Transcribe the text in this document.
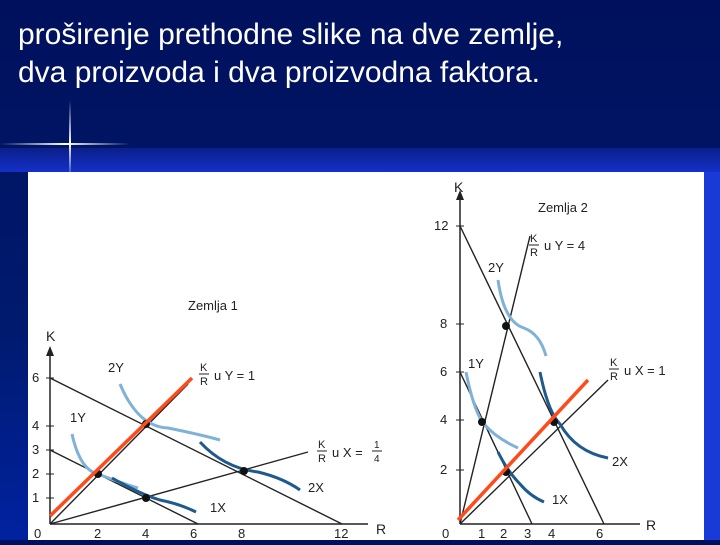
proširenje prethodne slike na dve zemlje,
dva proizvoda i dva proizvodna faktora.
K
R
Zemlja 1
6
4
3
2
1
0	2	4	6	8	12
2Y
1Y
2X
1X
K
R u Y = 1
K
R u X = 1
4
K
R
Zemlja 2
12
8
6
4
2
0 1 2 3 4	6
2Y
1Y
2X
1X
K
R u Y = 4
K
R u X = 1
